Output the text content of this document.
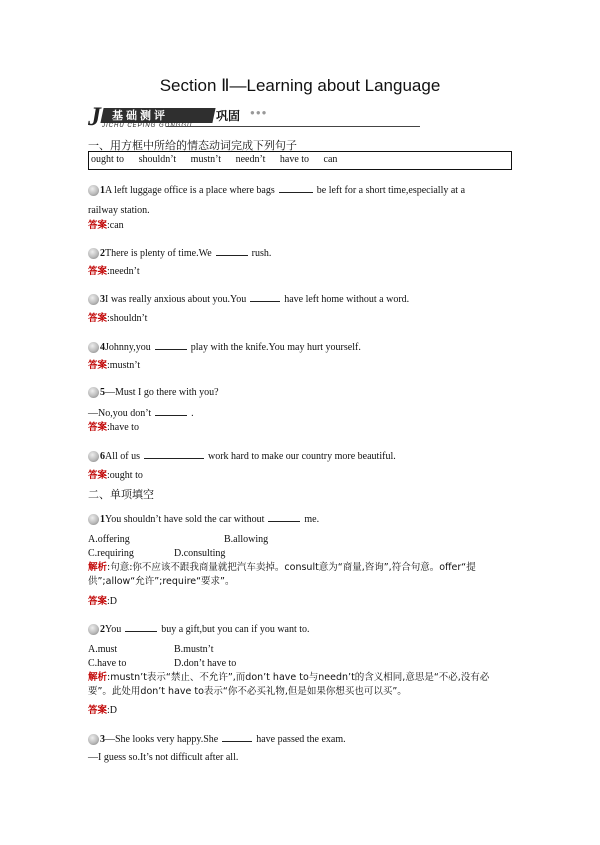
Section Ⅱ—Learning about Language
基础测评
J	巩固 ●●●
JICHU CEPING GONGGU
一、用方框中所给的情态动词完成下列句子
ought to shouldn’t mustn’t needn’t have to can
1A left luggage office is a place where bags	be left for a short time,especially at a
railway station.
答案:can
2There is plenty of time.We	rush.
答案:needn’t
3I was really anxious about you.You	have left home without a word.
答案:shouldn’t
4Johnny,you	play with the knife.You may hurt yourself.
答案:mustn’t
5—Must I go there with you?
—No,you don’t	.
答案:have to
6All of us	work hard to make our country more beautiful.
答案:ought to
二、单项填空
1You shouldn’t have sold the car without	me.
A.offering	B.allowing
C.requiring	D.consulting
解析:句意:你不应该不跟我商量就把汽车卖掉。consult意为“商量,咨询”,符合句意。offer“提供”;allow“允许”;require“要求”。
答案:D
2You	buy a gift,but you can if you want to.
A.must	B.mustn’t
C.have to	D.don’t have to
解析:mustn’t表示“禁止、不允许”,而don’t have to与needn’t的含义相同,意思是“不必,没有必要”。此处用don’t have to表示“你不必买礼物,但是如果你想买也可以买”。
答案:D
3—She looks very happy.She	have passed the exam.
—I guess so.It’s not difficult after all.
